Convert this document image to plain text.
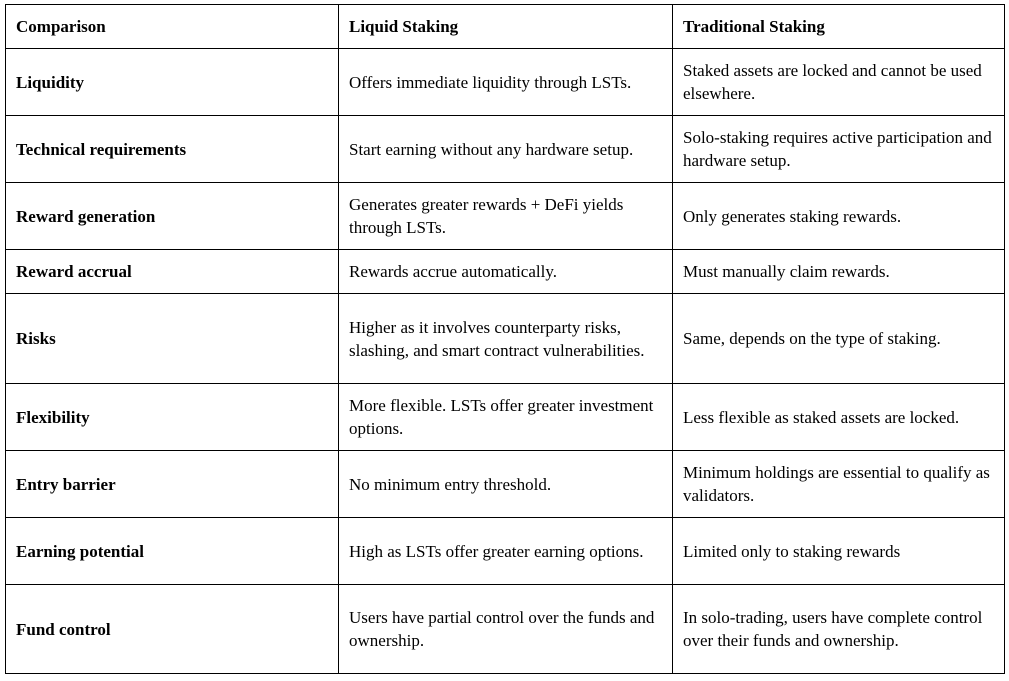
Comparison	Liquid Staking	Traditional Staking
Liquidity	Offers immediate liquidity through LSTs.	Staked assets are locked and cannot be used elsewhere.
Technical requirements	Start earning without any hardware setup.	Solo-staking requires active participation and hardware setup.
Reward generation	Generates greater rewards + DeFi yields through LSTs.	Only generates staking rewards.
Reward accrual	Rewards accrue automatically.	Must manually claim rewards.
Risks	Higher as it involves counterparty risks, slashing, and smart contract vulnerabilities.	Same, depends on the type of staking.
Flexibility	More flexible. LSTs offer greater investment options.	Less flexible as staked assets are locked.
Entry barrier	No minimum entry threshold.	Minimum holdings are essential to qualify as validators.
Earning potential	High as LSTs offer greater earning options.	Limited only to staking rewards
Fund control	Users have partial control over the funds and ownership.	In solo-trading, users have complete control over their funds and ownership.
